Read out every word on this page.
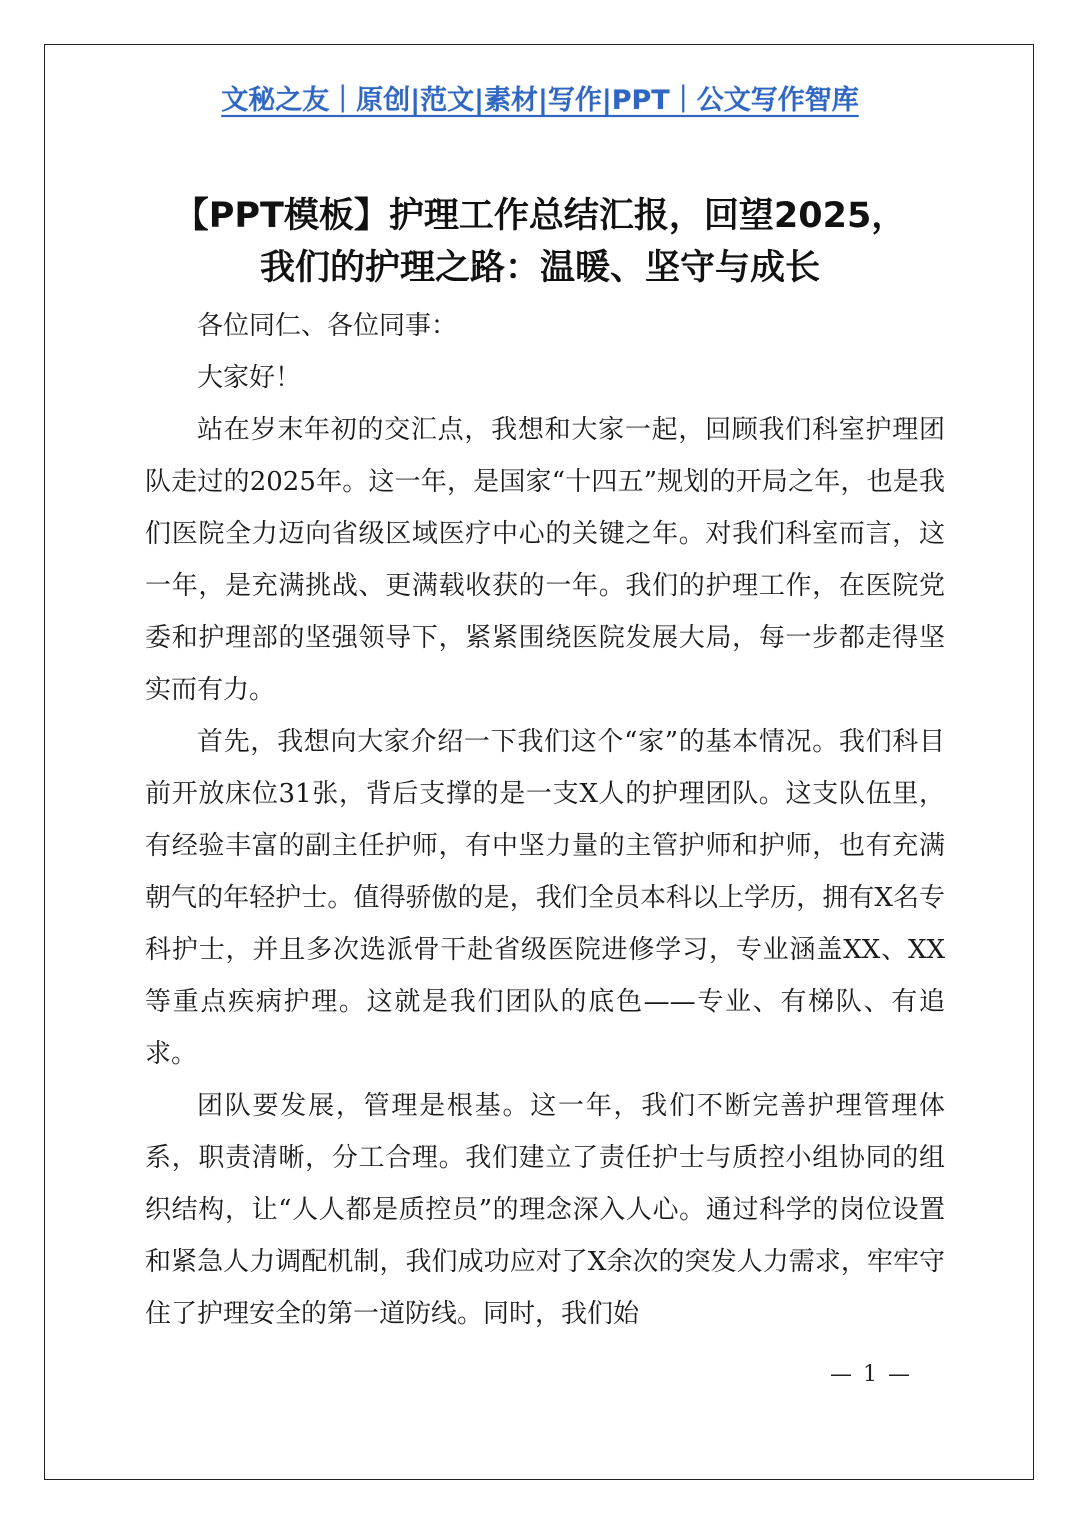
文秘之友｜原创|范文|素材|写作|PPT｜公文写作智库
【PPT模板】护理工作总结汇报，回望2025，
我们的护理之路：温暖、坚守与成长

各位同仁、各位同事：

大家好！

站在岁末年初的交汇点，我想和大家一起，回顾我们科室护理团队走过的2025年。这一年，是国家“十四五”规划的开局之年，也是我们医院全力迈向省级区域医疗中心的关键之年。对我们科室而言，这一年，是充满挑战、更满载收获的一年。我们的护理工作，在医院党委和护理部的坚强领导下，紧紧围绕医院发展大局，每一步都走得坚实而有力。

首先，我想向大家介绍一下我们这个“家”的基本情况。我们科目前开放床位31张，背后支撑的是一支X人的护理团队。这支队伍里，有经验丰富的副主任护师，有中坚力量的主管护师和护师，也有充满朝气的年轻护士。值得骄傲的是，我们全员本科以上学历，拥有X名专科护士，并且多次选派骨干赴省级医院进修学习，专业涵盖XX、XX等重点疾病护理。这就是我们团队的底色——专业、有梯队、有追求。

团队要发展，管理是根基。这一年，我们不断完善护理管理体系，职责清晰，分工合理。我们建立了责任护士与质控小组协同的组织结构，让“人人都是质控员”的理念深入人心。通过科学的岗位设置和紧急人力调配机制，我们成功应对了X余次的突发人力需求，牢牢守住了护理安全的第一道防线。同时，我们始

— 1 —
